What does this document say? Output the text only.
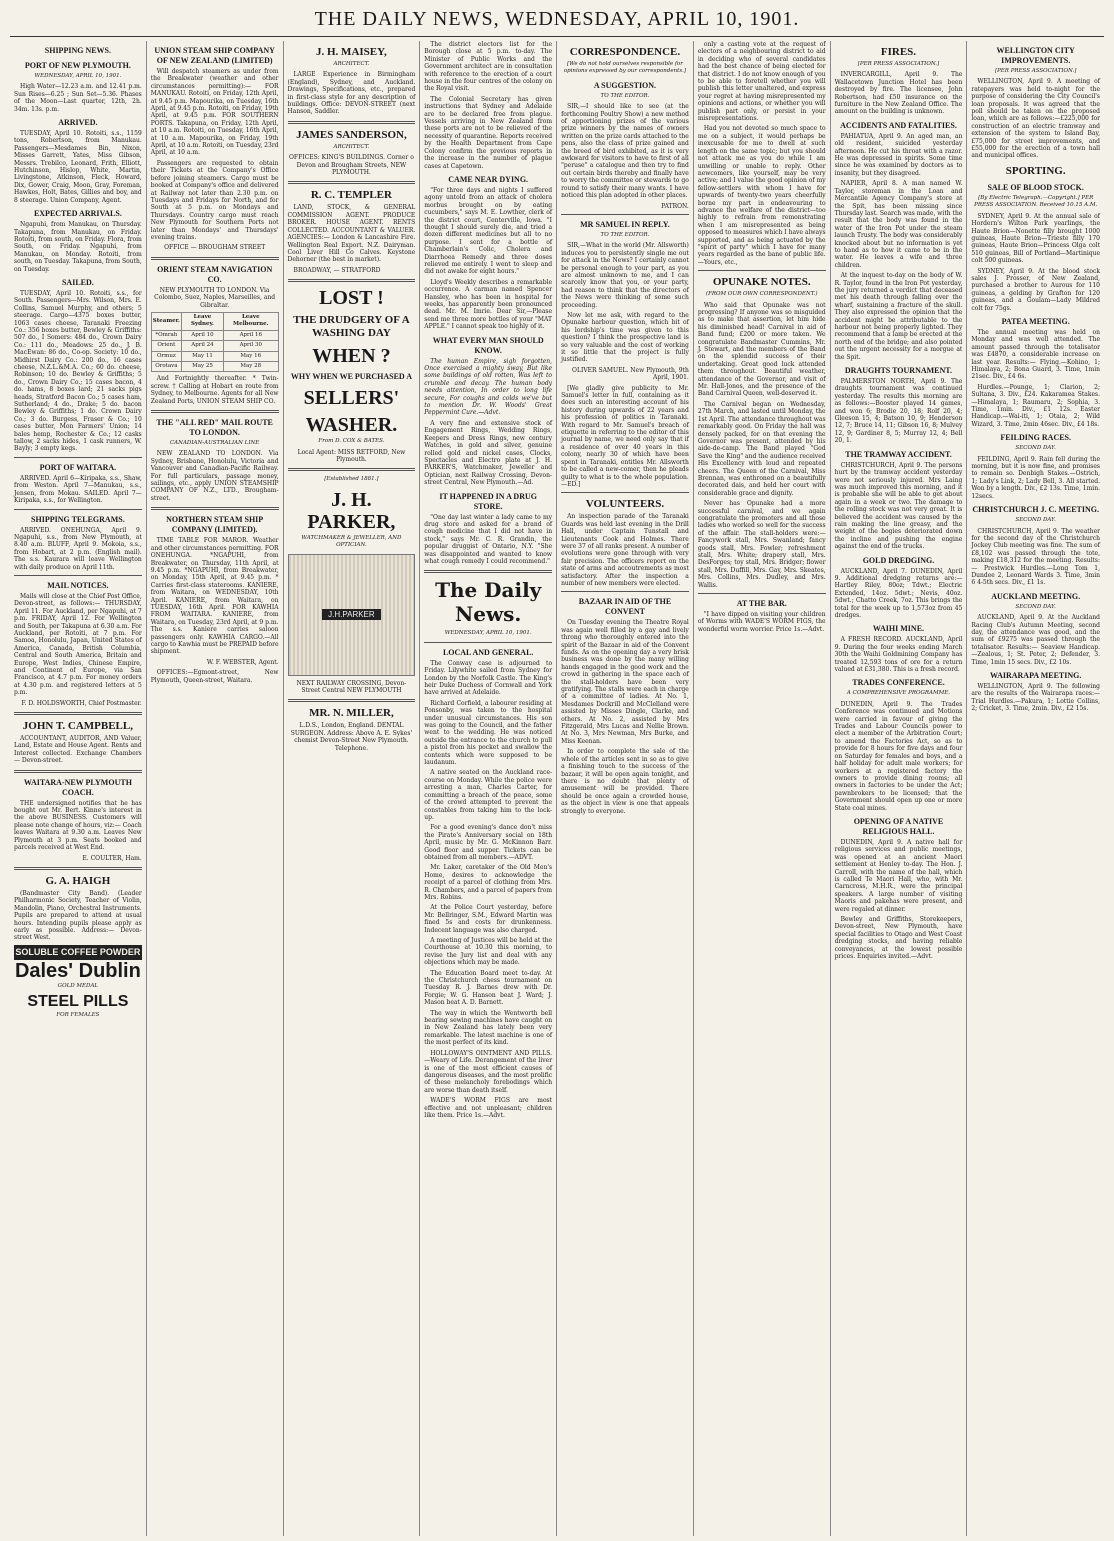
THE DAILY NEWS, WEDNESDAY, APRIL 10, 1901.
SHIPPING NEWS.
PORT OF NEW PLYMOUTH.
WEDNESDAY, APRIL 10, 1901.

High Water—12.23 a.m. and 12.41 p.m. Sun Rises—6.25 ; Sun Set—5.36. Phases of the Moon—Last quarter, 12th, 2h. 34m. 13s. p.m.

ARRIVED.

TUESDAY, April 10. Rotoiti, s.s., 1159 tons, Robertson, from Manukau. Passengers—Mesdames Bin, Nixon, Misses Garrett, Yates, Miss Gibson, Messrs. Trebilco, Leonard, Frith, Elliott, Hutchinson, Hislop, White, Martin, Livingstone, Atkinson, Fleck, Howard, Dix, Gower, Craig, Moon, Gray, Foreman, Hawkes, Holt, Bates, Gillies and boy, and 8 steerage. Union Company, Agent.

EXPECTED ARRIVALS.

Ngapuhi, from Manukau, on Thursday. Takapuna, from Manukau, on Friday. Rotoiti, from south, on Friday. Flora, from South, on Friday. Ngapuhi, from Manukau, on Monday. Rotoiti, from south, on Tuesday. Takapuna, from South, on Tuesday.

SAILED.

TUESDAY, April 10. Rotoiti, s.s., for South. Passengers—Mrs. Wilson, Mrs. E. Collins, Samuel Murphy, and others; 5 steerage. Cargo—4375 boxes butter, 1063 cases cheese, Taranaki Freezing Co.: 356 boxes butter, Bewley & Griffiths: 507 do., I Somers: 484 do., Crown Dairy Co.: 111 do., Meadows: 25 do., J. B. MacEwan: 86 do., Co-op. Society: 10 do., Midhirst Dairy Co.: 200 do., 16 cases cheese, N.Z.L.&M.A. Co.; 60 do. cheese, Robinson; 10 do. Bewley & Griffiths; 5 do., Crown Dairy Co.; 15 cases bacon, 4 do. hams, 8 boxes lard; 21 sacks pigs heads, Stratford Bacon Co.; 5 cases ham, Sutherland; 4 do., Drake; 5 do. bacon Bewley & Griffiths; 1 do. Crown Dairy Co.; 3 do. Burgess, Fraser & Co.; 10 cases butter, Mon Farmers' Union; 14 bales hemp, Rochester & Co.; 12 casks tallow, 2 sacks hides, 1 cask runners, W. Bayly; 3 empty kegs.

PORT OF WAITARA.

ARRIVED. April 6—Kiripaka, s.s., Shaw, from Weston. April 7—Manukau, s.s., Jensen, from Mokau. SAILED. April 7—Kiripaka, s.s., for Wellington.

SHIPPING TELEGRAMS.

ARRIVED. ONEHUNGA, April 9. Ngapuhi, s.s., from New Plymouth, at 8.40 a.m. BLUFF, April 9. Mokoia, s.s., from Hobart, at 2 p.m. (English mail). The s.s. Kaurara will leave Wellington with daily produce on April 11th.

MAIL NOTICES.

Mails will close at the Chief Post Office, Devon-street, as follows:— THURSDAY, April 11. For Auckland, per Ngapuhi, at 7 p.m. FRIDAY, April 12. For Wellington and South, per Takapuna at 6.30 a.m. For Auckland, per Rotoiti, at 7 p.m. For Samoa, Honolulu, Japan, United States of America, Canada, British Columbia, Central and South America, Britain and Europe, West Indies, Chinese Empire, and Continent of Europe, via San Francisco, at 4.7 p.m. For money orders at 4.30 p.m. and registered letters at 5 p.m.

F. D. HOLDSWORTH, Chief Postmaster.

JOHN T. CAMPBELL,

ACCOUNTANT, AUDITOR, AND Valuer, Land, Estate and House Agent. Rents and Interest collected. Exchange Chambers — Devon-street.

WAITARA-NEW PLYMOUTH COACH.

THE undersigned notifies that he has bought out Mr. Bert. Kinne's interest in the above BUSINESS. Customers will please note change of hours, viz:— Coach leaves Waitara at 9.30 a.m. Leaves New Plymouth at 3 p.m. Seats booked and parcels received at West End.

E. COULTER, Ham.

G. A. HAIGH

(Bandmaster City Band). (Leader Philharmonic Society, Teacher of Violin, Mandolin, Piano, Orchestral Instruments. Pupils are prepared to attend at usual hours. Intending pupils please apply as early as possible. Address:— Devon-street West.

SOLUBLE COFFEE POWDER
Dales' Dublin
GOLD MEDAL
STEEL PILLS
FOR FEMALES
UNION STEAM SHIP COMPANY OF NEW ZEALAND (LIMITED)

Will despatch steamers as under from the Breakwater (weather and other circumstances permitting):— FOR MANUKAU. Rotoiti, on Friday, 12th April, at 9.45 p.m. Mapourika, on Tuesday, 16th April, at 9.45 p.m. Rotoiti, on Friday, 19th April, at 9.45 p.m. FOR SOUTHERN PORTS. Takapuna, on Friday, 12th April, at 10 a.m. Rotoiti, on Tuesday, 16th April, at 10 a.m. Mapourika, on Friday, 19th April, at 10 a.m. Rotoiti, on Tuesday, 23rd April, at 10 a.m.

Passengers are requested to obtain their Tickets at the Company's Office before joining steamers. Cargo must be booked at Company's office and delivered at Railway not later than 2.30 p.m. on Tuesdays and Fridays for North, and for South at 5 p.m. on Mondays and Thursdays. Country cargo must reach New Plymouth for Southern Ports not later than Mondays' and Thursdays' evening trains.

OFFICE — BROUGHAM STREET

ORIENT STEAM NAVIGATION CO.

NEW PLYMOUTH TO LONDON. Via Colombo, Suez, Naples, Marseilles, and Gibraltar.

Steamer.	Leave Sydney.	Leave Melbourne.
*Omrah	April 10	April 16
Orient	April 24	April 30
Ormuz	May 11	May 16
Orotava	May 25	May 28

And Fortnightly thereafter. * Twin-screw. † Calling at Hobart en route from Sydney, to Melbourne. Agents for all New Zealand Ports, UNION STEAM SHIP CO.

THE "ALL RED" MAIL ROUTE TO LONDON.
CANADIAN-AUSTRALIAN LINE

NEW ZEALAND TO LONDON. Via Sydney, Brisbane, Honolulu, Victoria and Vancouver and Canadian-Pacific Railway. For full particulars, passage money, sailings, etc., apply UNION STEAMSHIP COMPANY OF N.Z., LTD., Brougham-street.

NORTHERN STEAM SHIP COMPANY (LIMITED).

TIME TABLE FOR MAROR. Weather and other circumstances permitting. FOR ONEHUNGA. *NGAPUHI, from Breakwater, on Thursday, 11th April, at 9.45 p.m. *NGAPUHI, from Breakwater, on Monday, 15th April, at 9.45 p.m. * Carries first-class staterooms. KANIERE, from Waitara, on WEDNESDAY, 10th April. KANIERE, from Waitara, on TUESDAY, 16th April. FOR KAWHIA FROM WAITARA. KANIERE, from Waitara, on Tuesday, 23rd April, at 9 p.m. The s.s. Kaniere carries saloon passengers only. KAWHIA CARGO.—All cargo to Kawhia must be PREPAID before shipment.

W. F. WEBSTER, Agent.

OFFICES:—Egmont-street, New Plymouth, Queen-street, Waitara.

J. H. MAISEY,
ARCHITECT.

LARGE Experience in Birmingham (England), Sydney, and Auckland. Drawings, Specifications, etc., prepared in first-class style for any description of buildings. Office: DEVON-STREET (next Hanson, Saddler.

JAMES SANDERSON,
ARCHITECT.

OFFICES: KING'S BUILDINGS. Corner o Devon and Brougham Streets, NEW PLYMOUTH.

R. C. TEMPLER

LAND, STOCK, & GENERAL COMMISSION AGENT. PRODUCE BROKER. HOUSE AGENT. RENTS COLLECTED. ACCOUNTANT & VALUER. AGENCIES:— London & Lancashire Fire. Wellington Real Export. N.Z. Dairyman. Cool Liver Hill Co Calves. Keystone Dehorner (the best in market).

BROADWAY, — STRATFORD

LOST !
THE DRUDGERY OF A WASHING DAY
WHEN ?
WHY WHEN WE PURCHASED A
SELLERS'
WASHER.
From D. COX & BATES.

Local Agent: MISS RETFORD, New Plymouth.

[Established 1881.]
J. H. PARKER,
WATCHMAKER & JEWELLER, AND OPTICIAN.
J.H.PARKER

NEXT RAILWAY CROSSING, Devon-Street Central NEW PLYMOUTH

MR. N. MILLER,

L.D.S., London, England. DENTAL SURGEON. Address: Above A. E. Sykes' chemist Devon-Street New Plymouth. Telephone.

The district electors list for the Borough close at 5 p.m. to-day. The Minister of Public Works and the Government architect are in consultation with reference to the erection of a court house in the four centres of the colony on the Royal visit.

The Colonial Secretary has given instructions that Sydney and Adelaide are to be declared free from plague. Vessels arriving in New Zealand from these ports are not to be relieved of the necessity of quarantine. Reports received by the Health Department from Cape Colony confirm the previous reports in the increase in the number of plague cases at Capetown.

CAME NEAR DYING.

"For three days and nights I suffered agony untold from an attack of cholera morbus brought on by eating cucumbers," says M. E. Lowther, clerk of the district court, Centerville, Iowa. "I thought I should surely die, and tried a dozen different medicines but all to no purpose. I sent for a bottle of Chamberlain's Colic, Cholera and Diarrhoea Remedy and three doses relieved me entirely. I went to sleep and did not awake for eight hours."

Lloyd's Weekly describes a remarkable occurrence. A carman named Spencer Hansley, who has been in hospital for weeks, has apparently been pronounced dead. Mr. M. Imrie. Dear Sir,—Please send me three more bottles of your "MAT APPLE." I cannot speak too highly of it.

WHAT EVERY MAN SHOULD KNOW.

The human Empire, sigh forgotten, Once exercised a mighty sway, But like some buildings of old rotten, Was left to crumble and decay. The human body needs attention, In order to long life secure, For coughs and colds we've but to mention Dr. W. Woods' Great Peppermint Cure.—Advt.

A very fine and extensive stock of Engagement Rings, Wedding Rings, Keepers and Dress Rings, new century Watches, in gold and silver, genuine rolled gold and nickel cases, Clocks, Spectacles and Electro plate at J. H. PARKER'S, Watchmaker, Jeweller and Optician, next Railway Crossing, Devon-street Central, New Plymouth.—Ad.

IT HAPPENED IN A DRUG STORE.

"One day last winter a lady came to my drug store and asked for a brand of cough medicine that I did not have in stock," says Mr. C. R. Grandin, the popular druggist of Ontario, N.Y. "She was disappointed and wanted to know what cough remedy I could recommend."

The Daily News.
WEDNESDAY, APRIL 10, 1901.
LOCAL AND GENERAL.

The Conway case is adjourned to Friday. Lilywhite sailed from Sydney for London by the Norfolk Castle. The King's heir Duke Duchess of Cornwall and York have arrived at Adelaide.

Richard Corfield, a labourer residing at Ponsonby, was taken to the hospital under unusual circumstances. His son was going to the Council, and the father went to the wedding. He was noticed outside the entrance to the church to pull a pistol from his pocket and swallow the contents which were supposed to be laudanum.

A native seated on the Auckland race-course on Monday. While the police were arresting a man, Charles Carter, for committing a breach of the peace, some of the crowd attempted to prevent the constables from taking him to the lock-up.

For a good evening's dance don't miss the Pirate's Anniversary social on 18th April, music by Mr. G. McKinnon Barr. Good floor and supper. Tickets can be obtained from all members.—ADVT.

Mr. Laker, caretaker of the Old Men's Home, desires to acknowledge the receipt of a parcel of clothing from Mrs. R. Chambers, and a parcel of papers from Mrs. Robins.

At the Police Court yesterday, before Mr. Bellringer, S.M., Edward Martin was fined 5s and costs for drunkenness. Indecent language was also charged.

A meeting of Justices will be held at the Courthouse at 10.30 this morning, to revise the Jury list and deal with any objections which may be made.

The Education Board meet to-day. At the Christchurch chess tournament on Tuesday R. J. Barnes drew with Dr. Forgie; W. G. Hanson beat J. Ward; J. Mason beat A. D. Barnett.

The way in which the Wentworth bell bearing sewing machines have caught on in New Zealand has lately been very remarkable. The latest machine is one of the most perfect of its kind.

HOLLOWAY'S OINTMENT AND PILLS.—Weary of Life. Derangement of the liver is one of the most efficient causes of dangerous diseases, and the most prolific of these melancholy forebodings which are worse than death itself.

WADE'S WORM FIGS are most effective and not unpleasant; children like them. Price 1s.—Advt.

CORRESPONDENCE.
[We do not hold ourselves responsible for opinions expressed by our correspondents.]
A SUGGESTION.
TO THE EDITOR.

SIR,—I should like to see (at the forthcoming Poultry Show) a new method of apportioning prizes of the various prize winners by the names of owners written on the prize cards attached to the pens, also the class of prize gained and the breed of bird exhibited, as it is very awkward for visitors to have to first of all "peruse" a catalogue and then try to find out certain birds thereby and finally have to worry the committee or stewards to go round to satisfy their many wants. I have noticed this plan adopted in other places.

PATRON.

MR SAMUEL IN REPLY.
TO THE EDITOR.

SIR,—What in the world (Mr. Allsworth) induces you to persistently single me out for attack in the News? I certainly cannot be personal enough to your part, as you are almost unknown to me, and I can scarcely know that you, or your party, had reason to think that the directors of the News were thinking of some such proceeding.

Now let me ask, with regard to the Opunake harbour question, which bit of his lordship's time was given to this question? I think the prospective land is so very valuable and the cost of working it so little that the project is fully justified.

OLIVER SAMUEL. New Plymouth, 9th April, 1901.

[We gladly give publicity to Mr. Samuel's letter in full, containing as it does such an interesting account of his history during upwards of 22 years and his profession of politics in Taranaki. With regard to Mr. Samuel's breach of etiquette in referring to the editor of this journal by name, we need only say that if a residence of over 40 years in this colony, nearly 30 of which have been spent in Taranaki, entitles Mr. Allsworth to be called a new-comer, then he pleads guilty to what is to the whole population.—ED.]

VOLUNTEERS.

An inspection parade of the Taranaki Guards was held last evening in the Drill Hall, under Captain Tunstall and Lieutenants Cook and Holmes. There were 37 of all ranks present. A number of evolutions were gone through with very fair precision. The officers report on the state of arms and accoutrements as most satisfactory. After the inspection a number of new members were elected.

BAZAAR IN AID OF THE CONVENT

On Tuesday evening the Theatre Royal was again well filled by a gay and lively throng who thoroughly entered into the spirit of the Bazaar in aid of the Convent funds. As on the opening day a very brisk business was done by the many willing hands engaged in the good work and the crowd in gathering in the space each of the stall-holders have been very gratifying. The stalls were each in charge of a committee of ladies. At No. 1, Mesdames Dockrill and McClelland were assisted by Misses Dingle, Clarke, and others. At No. 2, assisted by Mrs Fitzgerald, Mrs Lucas and Nellie Brown. At No. 3, Mrs Newman, Mrs Burke, and Miss Keenan.

In order to complete the sale of the whole of the articles sent in so as to give a finishing touch to the success of the bazaar, it will be open again tonight, and there is no doubt that plenty of amusement will be provided. There should be once again a crowded house, as the object in view is one that appeals strongly to everyone.

only a casting vote at the request of electors of a neighbouring district to aid in deciding who of several candidates had the best chance of being elected for that district. I do not know enough of you to be able to foretell whether you will publish this letter unaltered, and express your regret at having misrepresented my opinions and actions, or whether you will publish part only, or persist in your misrepresentations.

Had you not devoted so much space to me on a subject, it would perhaps be inexcusable for me to dwell at such length on the same topic; but you should not attack me as you do while I am unwilling or unable to reply. Other newcomers, like yourself, may be very active; and I value the good opinion of my fellow-settlers with whom I have for upwards of twenty-two years cheerfully borne my part in endeavouring to advance the welfare of the district—too highly to refrain from remonstrating when I am misrepresented as being opposed to measures which I have always supported, and as being actuated by the "spirit of party" which I have for many years regarded as the bane of public life.—Yours, etc.,

OPUNAKE NOTES.
(FROM OUR OWN CORRESPONDENT.)

Who said that Opunake was not progressing? If anyone was so misguided as to make that assertion, let him hide his diminished head! Carnival in aid of Band fund; £200 or more taken. We congratulate Bandmaster Cummins, Mr. J. Stewart, and the members of the Band on the splendid success of their undertaking. Great good luck attended them throughout. Beautiful weather, attendance of the Governor, and visit of Mr. Hall-Jones, and the presence of the Band Carnival Queen, well-deserved it.

The Carnival began on Wednesday, 27th March, and lasted until Monday, the 1st April. The attendance throughout was remarkably good. On Friday the hall was densely packed, for on that evening the Governor was present, attended by his aide-de-camp. The Band played "God Save the King" and the audience received His Excellency with loud and repeated cheers. The Queen of the Carnival, Miss Brennan, was enthroned on a beautifully decorated dais, and held her court with considerable grace and dignity.

Never has Opunake had a more successful carnival, and we again congratulate the promoters and all those ladies who worked so well for the success of the affair. The stall-holders were:—Fancywork stall, Mrs. Swanland; fancy goods stall, Mrs. Fowler; refreshment stall, Mrs. White; drapery stall, Mrs. DesForges; toy stall, Mrs. Bridger; flower stall, Mrs. Duffill, Mrs. Gay, Mrs. Skeates, Mrs. Collins, Mrs. Dudley, and Mrs. Wallis.

AT THE BAR.

"I have dipped on visiting your children of Worms with WADE'S WORM FIGS, the wonderful worm worrier. Price 1s.—Advt.

FIRES.
[PER PRESS ASSOCIATION.]

INVERCARGILL, April 9. The Wallacetown Junction Hotel has been destroyed by fire. The licensee, John Robertson, had £50 insurance on the furniture in the New Zealand Office. The amount on the building is unknown.

ACCIDENTS AND FATALITIES.

PAHIATUA, April 9. An aged man, an old resident, suicided yesterday afternoon. He cut his throat with a razor. He was depressed in spirits. Some time since he was examined by doctors as to insanity, but they disagreed.

NAPIER, April 8. A man named W. Taylor, storeman in the Loan and Mercantile Agency Company's store at the Spit, has been missing since Thursday last. Search was made, with the result that the body was found in the water of the Iron Pot under the steam launch Trusty. The body was considerably knocked about but no information is yet to hand as to how it came to be in the water. He leaves a wife and three children.

At the inquest to-day on the body of W. R. Taylor, found in the Iron Pot yesterday, the jury returned a verdict that deceased met his death through falling over the wharf, sustaining a fracture of the skull. They also expressed the opinion that the accident might be attributable to the harbour not being properly lighted. They recommend that a lamp be erected at the north end of the bridge; and also pointed out the urgent necessity for a morgue at the Spit.

DRAUGHTS TOURNAMENT.

PALMERSTON NORTH, April 9. The draughts tournament was continued yesterday. The results this morning are as follows:—Booster played 14 games, and won 6; Brodie 20, 18; Rolf 20, 4; Gleeson 15, 4; Batson 10, 9; Henderson 12, 7; Bruce 14, 11; Gibson 16, 8; Mulvey 12, 9; Gardiner 8, 5; Murray 12, 4; Bell 20, 1.

THE TRAMWAY ACCIDENT.

CHRISTCHURCH, April 9. The persons hurt by the tramway accident yesterday were not seriously injured. Mrs Laing was much improved this morning, and it is probable she will be able to get about again in a week or two. The damage to the rolling stock was not very great. It is believed the accident was caused by the rain making the line greasy, and the weight of the bogies deteriorated down the incline and pushing the engine against the end of the trucks.

GOLD DREDGING.

AUCKLAND, April 7. DUNEDIN, April 9. Additional dredging returns are:—Hartley Riley, 80oz; Tdwt.; Electric Extended, 14oz. 5dwt.; Nevis, 40oz. 5dwt.; Chatto Creek, 7oz. This brings the total for the week up to 1,573oz from 45 dredges.

WAIHI MINE.

A FRESH RECORD. AUCKLAND, April 9. During the four weeks ending March 30th the Waihi Goldmining Company has treated 12,593 tons of ore for a return valued at £31,380. This is a fresh record.

TRADES CONFERENCE.
A COMPREHENSIVE PROGRAMME.

DUNEDIN, April 9. The Trades Conference was continued and Motions were carried in favour of giving the Trades and Labour Councils power to elect a member of the Arbitration Court; to amend the Factories Act, so as to provide for 8 hours for five days and four on Saturday for females and boys, and a half holiday for adult male workers; for workers at a registered factory the owners to provide dining rooms; all owners in factories to be under the Act; pawnbrokers to be licensed; that the Government should open up one or more State coal mines.

OPENING OF A NATIVE RELIGIOUS HALL.

DUNEDIN, April 9. A native hall for religious services and public meetings, was opened at an ancient Maori settlement at Henley to-day. The Hon. J. Carroll, with the name of the hall, which is called Te Maori Hall, who, with Mr. Carncross, M.H.R., were the principal speakers. A large number of visiting Maoris and pakehas were present, and were regaled at dinner.

Bewley and Griffiths, Storekeepers, Devon-street, New Plymouth, have special facilities to Otago and West Coast dredging stocks, and having reliable conveyances, at the lowest possible prices. Enquiries invited.—Advt.

WELLINGTON CITY IMPROVEMENTS.
[PER PRESS ASSOCIATION.]

WELLINGTON, April 9. A meeting of ratepayers was held to-night for the purpose of considering the City Council's loan proposals. It was agreed that the poll should be taken on the proposed loan, which are as follows:—£225,000 for construction of an electric tramway and extension of the system to Island Bay, £75,000 for street improvements, and £55,000 for the erection of a town hall and municipal offices.

SPORTING.
SALE OF BLOOD STOCK.
[By Electric Telegraph.—Copyright.] PER PRESS ASSOCIATION. Received 10.15 A.M.

SYDNEY, April 9. At the annual sale of Hordern's Wilton Park yearlings, the Haute Brion—Nonette filly brought 1000 guineas, Haute Brion—Trieste filly 170 guineas, Haute Brion—Princess Olga colt 510 guineas, Bill of Portland—Martinique colt 500 guineas.

SYDNEY, April 9. At the blood stock sales J. Prosser, of New Zealand, purchased a brother to Aurous for 110 guineas, a gelding by Grafton for 120 guineas, and a Goulam—Lady Mildred colt for 75gs.

PATEA MEETING.

The annual meeting was held on Monday and was well attended. The amount passed through the totalisator was £4870, a considerable increase on last year. Results:— Flying.—Kohino, 1; Himalaya, 2; Bona Guard, 3. Time, 1min 21sec. Div., £4 6s.

Hurdles.—Pounge, 1; Clarion, 2; Sultana, 3. Div., £24. Kakaramea Stakes.—Himalaya, 1; Raumaru, 2; Sophia, 3. Time, 1min. Div., £1 12s. Easter Handicap.—Wai-iti, 1; Otaia, 2; Wild Wizard, 3. Time, 2min 46sec. Div., £4 18s.

FEILDING RACES.
SECOND DAY.

FEILDING, April 9. Rain fell during the morning, but it is now fine, and promises to remain so. Denbigh Stakes.—Ostrich, 1; Lady's Link, 2; Lady Bell, 3. All started. Won by a length. Div., £2 13s. Time, 1min. 12secs.

CHRISTCHURCH J. C. MEETING.
SECOND DAY.

CHRISTCHURCH, April 9. The weather for the second day of the Christchurch Jockey Club meeting was fine. The sum of £8,102 was passed through the tote, making £18,312 for the meeting. Results:— Prestwick Hurdles.—Long Tom 1, Dundee 2, Leonard Wards 3. Time, 3min 6 4-5th secs. Div., £1 1s.

AUCKLAND MEETING.
SECOND DAY.

AUCKLAND, April 9. At the Auckland Racing Club's Autumn Meeting, second day, the attendance was good, and the sum of £9275 was passed through the totalisator. Results:— Seaview Handicap.—Zealous, 1; St. Peter, 2; Defender, 3. Time, 1min 15 secs. Div., £2 10s.

WAIRARAPA MEETING.

WELLINGTON, April 9. The following are the results of the Wairarapa races:— Trial Hurdles.—Pakura, 1; Lottie Collins, 2; Cricket, 3. Time, 2min. Div., £2 15s.
